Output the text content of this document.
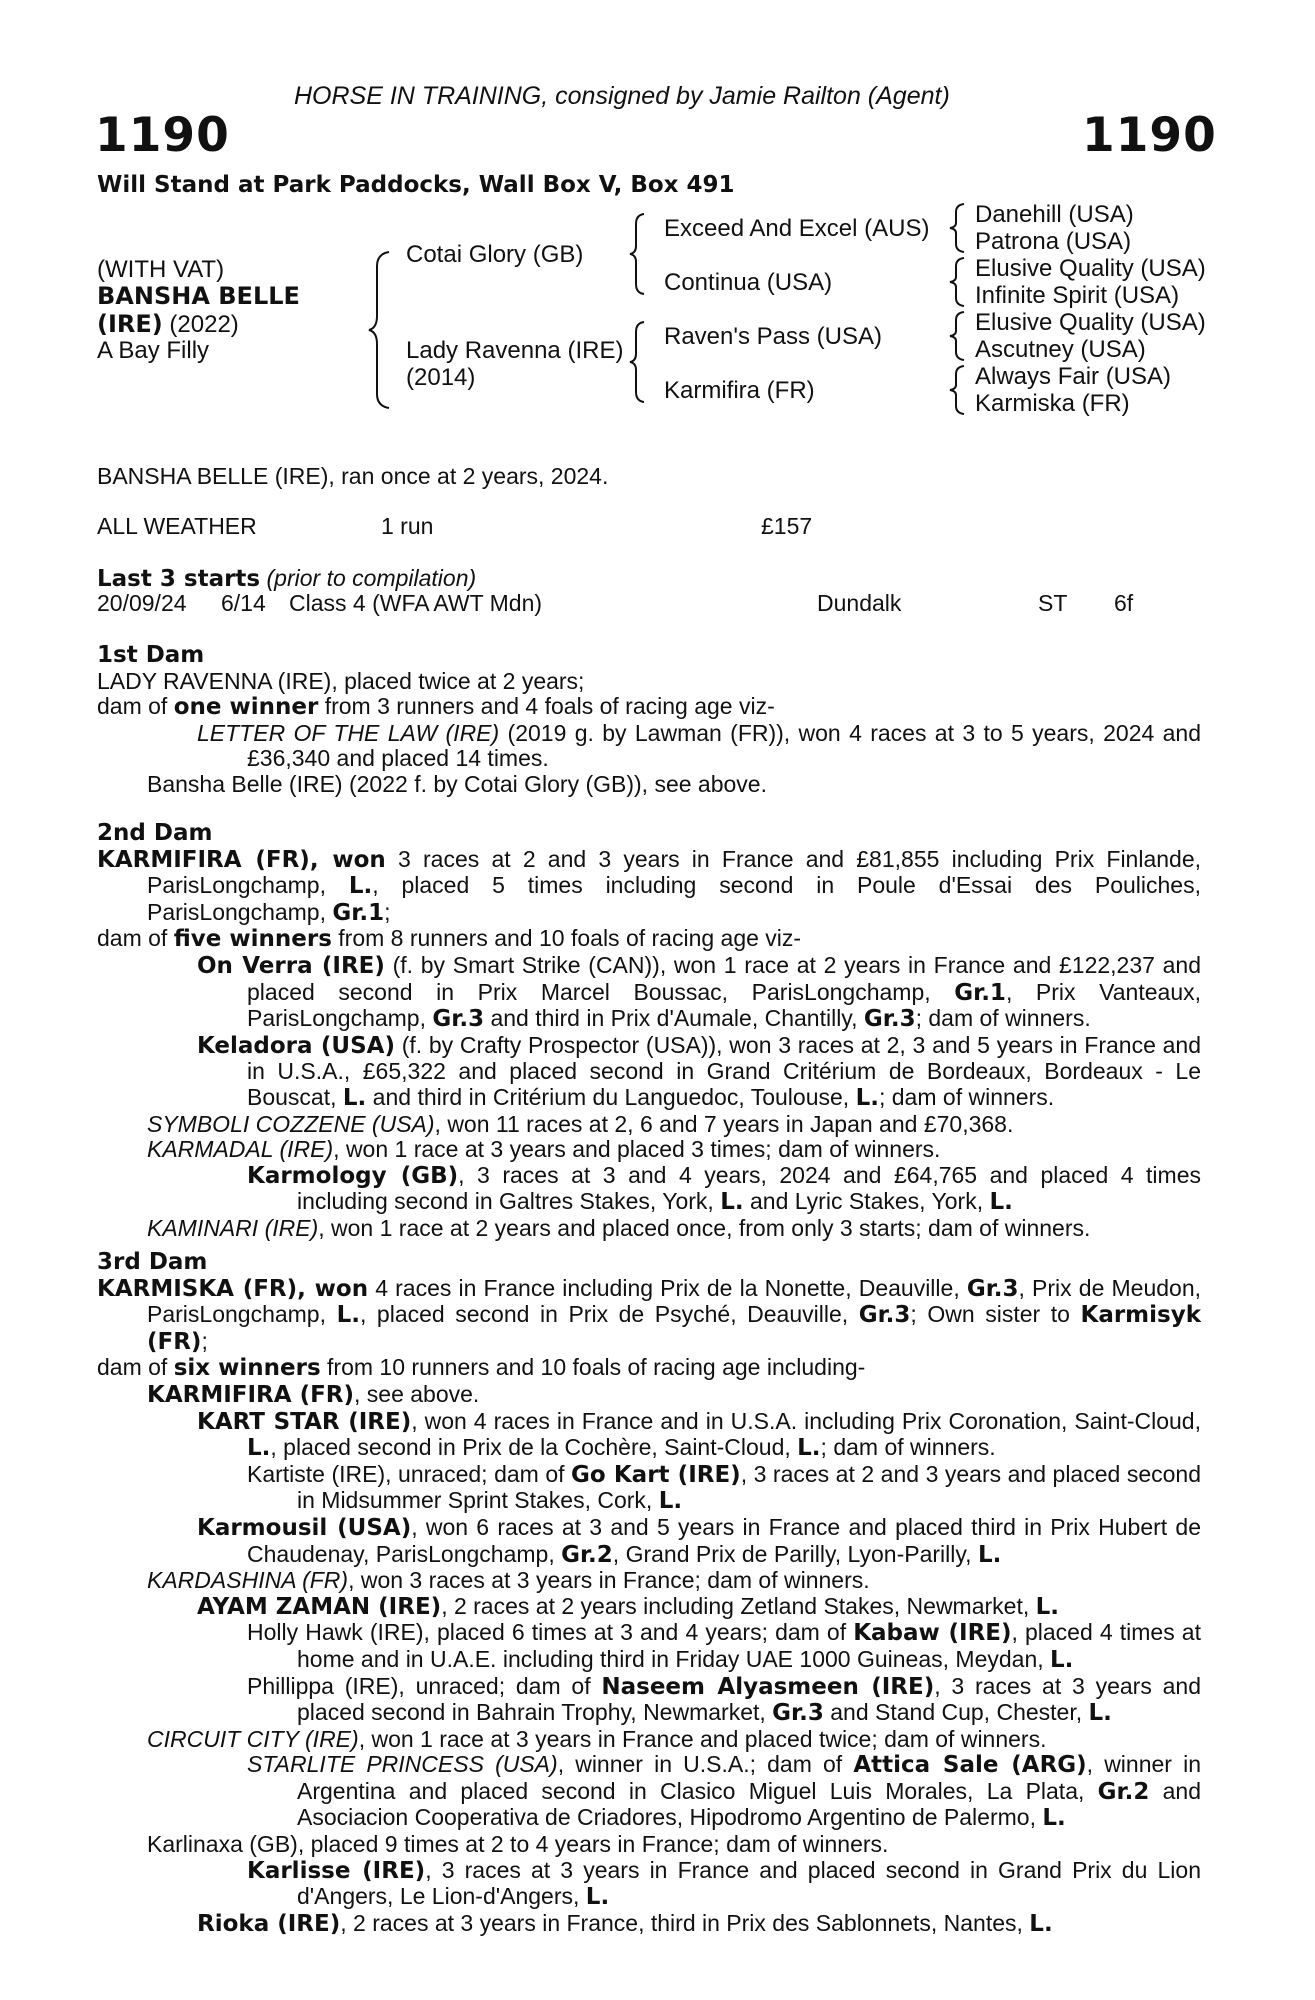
HORSE IN TRAINING, consigned by Jamie Railton (Agent)
1190	1190
Will Stand at Park Paddocks, Wall Box V, Box 491
(WITH VAT)
BANSHA BELLE
(IRE) (2022)
A Bay Filly
Cotai Glory (GB)
Lady Ravenna (IRE)
(2014)
Exceed And Excel (AUS)
Continua (USA)
Raven's Pass (USA)
Karmifira (FR)
Danehill (USA)
Patrona (USA)
Elusive Quality (USA)
Infinite Spirit (USA)
Elusive Quality (USA)
Ascutney (USA)
Always Fair (USA)
Karmiska (FR)
BANSHA BELLE (IRE), ran once at 2 years, 2024.
ALL WEATHER	1 run	£157
Last 3 starts (prior to compilation)
20/09/24 6/14 Class 4 (WFA AWT Mdn)	Dundalk	ST 6f

1st Dam

LADY RAVENNA (IRE), placed twice at 2 years;

dam of one winner from 3 runners and 4 foals of racing age viz-

LETTER OF THE LAW (IRE) (2019 g. by Lawman (FR)), won 4 races at 3 to 5 years, 2024 and £36,340 and placed 14 times.

Bansha Belle (IRE) (2022 f. by Cotai Glory (GB)), see above.

2nd Dam

KARMIFIRA (FR), won 3 races at 2 and 3 years in France and £81,855 including Prix Finlande, ParisLongchamp, L., placed 5 times including second in Poule d'Essai des Pouliches, ParisLongchamp, Gr.1;

dam of five winners from 8 runners and 10 foals of racing age viz-

On Verra (IRE) (f. by Smart Strike (CAN)), won 1 race at 2 years in France and £122,237 and placed second in Prix Marcel Boussac, ParisLongchamp, Gr.1, Prix Vanteaux, ParisLongchamp, Gr.3 and third in Prix d'Aumale, Chantilly, Gr.3; dam of winners.

Keladora (USA) (f. by Crafty Prospector (USA)), won 3 races at 2, 3 and 5 years in France and in U.S.A., £65,322 and placed second in Grand Critérium de Bordeaux, Bordeaux - Le Bouscat, L. and third in Critérium du Languedoc, Toulouse, L.; dam of winners.

SYMBOLI COZZENE (USA), won 11 races at 2, 6 and 7 years in Japan and £70,368.

KARMADAL (IRE), won 1 race at 3 years and placed 3 times; dam of winners.

Karmology (GB), 3 races at 3 and 4 years, 2024 and £64,765 and placed 4 times including second in Galtres Stakes, York, L. and Lyric Stakes, York, L.

KAMINARI (IRE), won 1 race at 2 years and placed once, from only 3 starts; dam of winners.

3rd Dam

KARMISKA (FR), won 4 races in France including Prix de la Nonette, Deauville, Gr.3, Prix de Meudon, ParisLongchamp, L., placed second in Prix de Psyché, Deauville, Gr.3; Own sister to Karmisyk (FR);

dam of six winners from 10 runners and 10 foals of racing age including-

KARMIFIRA (FR), see above.

KART STAR (IRE), won 4 races in France and in U.S.A. including Prix Coronation, Saint-Cloud, L., placed second in Prix de la Cochère, Saint-Cloud, L.; dam of winners.

Kartiste (IRE), unraced; dam of Go Kart (IRE), 3 races at 2 and 3 years and placed second in Midsummer Sprint Stakes, Cork, L.

Karmousil (USA), won 6 races at 3 and 5 years in France and placed third in Prix Hubert de Chaudenay, ParisLongchamp, Gr.2, Grand Prix de Parilly, Lyon-Parilly, L.

KARDASHINA (FR), won 3 races at 3 years in France; dam of winners.

AYAM ZAMAN (IRE), 2 races at 2 years including Zetland Stakes, Newmarket, L.

Holly Hawk (IRE), placed 6 times at 3 and 4 years; dam of Kabaw (IRE), placed 4 times at home and in U.A.E. including third in Friday UAE 1000 Guineas, Meydan, L.

Phillippa (IRE), unraced; dam of Naseem Alyasmeen (IRE), 3 races at 3 years and placed second in Bahrain Trophy, Newmarket, Gr.3 and Stand Cup, Chester, L.

CIRCUIT CITY (IRE), won 1 race at 3 years in France and placed twice; dam of winners.

STARLITE PRINCESS (USA), winner in U.S.A.; dam of Attica Sale (ARG), winner in Argentina and placed second in Clasico Miguel Luis Morales, La Plata, Gr.2 and Asociacion Cooperativa de Criadores, Hipodromo Argentino de Palermo, L.

Karlinaxa (GB), placed 9 times at 2 to 4 years in France; dam of winners.

Karlisse (IRE), 3 races at 3 years in France and placed second in Grand Prix du Lion d'Angers, Le Lion-d'Angers, L.

Rioka (IRE), 2 races at 3 years in France, third in Prix des Sablonnets, Nantes, L.
